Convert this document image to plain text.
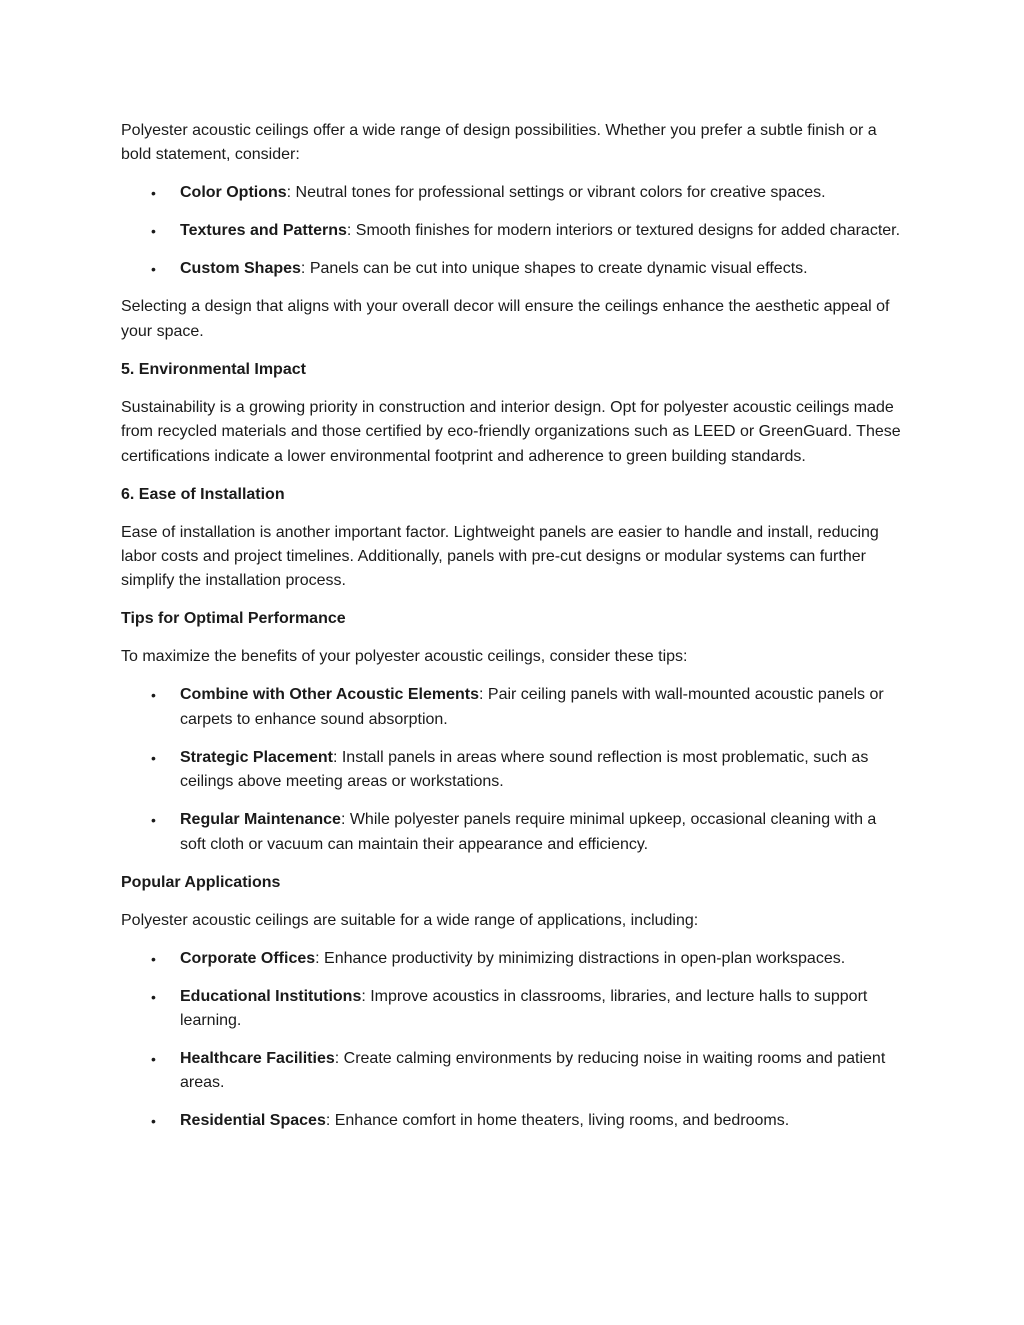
Polyester acoustic ceilings offer a wide range of design possibilities. Whether you prefer a subtle finish or a bold statement, consider:

• Color Options: Neutral tones for professional settings or vibrant colors for creative spaces.
• Textures and Patterns: Smooth finishes for modern interiors or textured designs for added character.
• Custom Shapes: Panels can be cut into unique shapes to create dynamic visual effects.

Selecting a design that aligns with your overall decor will ensure the ceilings enhance the aesthetic appeal of your space.

5. Environmental Impact

Sustainability is a growing priority in construction and interior design. Opt for polyester acoustic ceilings made from recycled materials and those certified by eco-friendly organizations such as LEED or GreenGuard. These certifications indicate a lower environmental footprint and adherence to green building standards.

6. Ease of Installation

Ease of installation is another important factor. Lightweight panels are easier to handle and install, reducing labor costs and project timelines. Additionally, panels with pre-cut designs or modular systems can further simplify the installation process.

Tips for Optimal Performance

To maximize the benefits of your polyester acoustic ceilings, consider these tips:

• Combine with Other Acoustic Elements: Pair ceiling panels with wall-mounted acoustic panels or carpets to enhance sound absorption.
• Strategic Placement: Install panels in areas where sound reflection is most problematic, such as ceilings above meeting areas or workstations.
• Regular Maintenance: While polyester panels require minimal upkeep, occasional cleaning with a soft cloth or vacuum can maintain their appearance and efficiency.
Popular Applications

Polyester acoustic ceilings are suitable for a wide range of applications, including:

• Corporate Offices: Enhance productivity by minimizing distractions in open-plan workspaces.
• Educational Institutions: Improve acoustics in classrooms, libraries, and lecture halls to support learning.
• Healthcare Facilities: Create calming environments by reducing noise in waiting rooms and patient areas.
• Residential Spaces: Enhance comfort in home theaters, living rooms, and bedrooms.
